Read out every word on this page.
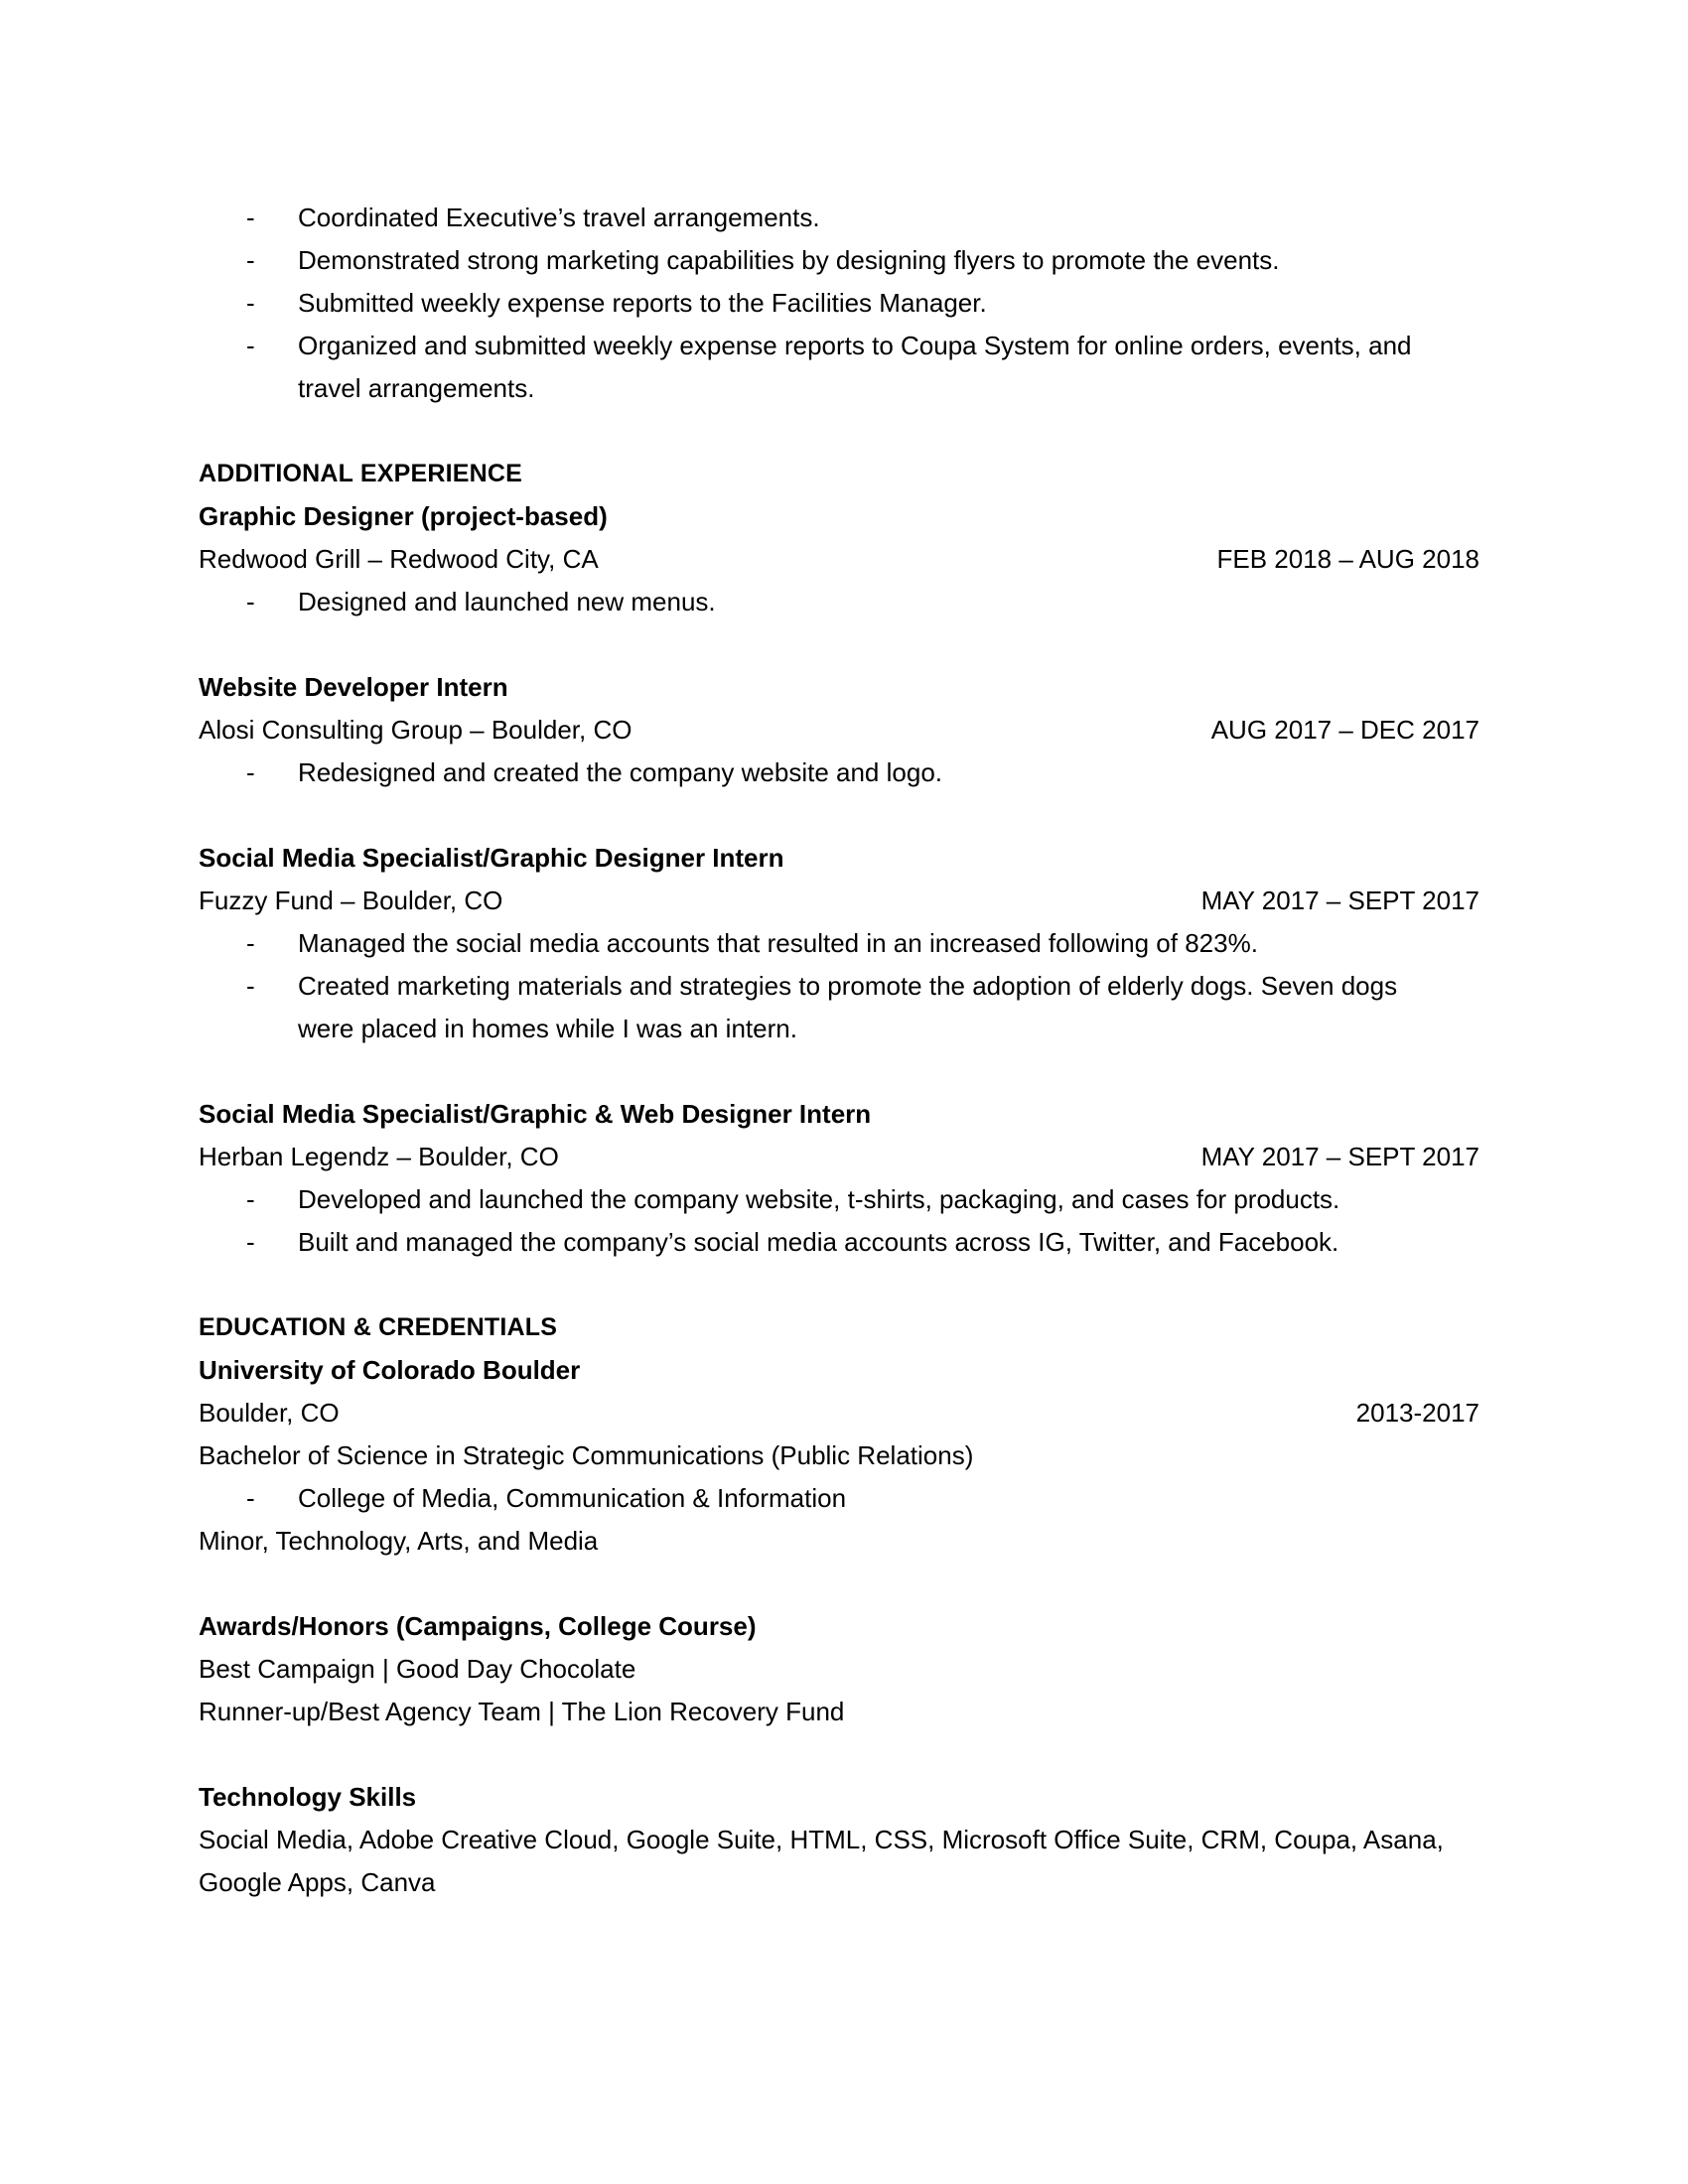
- Coordinated Executive’s travel arrangements.
- Demonstrated strong marketing capabilities by designing flyers to promote the events.
- Submitted weekly expense reports to the Facilities Manager.
- Organized and submitted weekly expense reports to Coupa System for online orders, events, and travel arrangements.
ADDITIONAL EXPERIENCE
Graphic Designer (project-based)
Redwood Grill – Redwood City, CA	FEB 2018 – AUG 2018
- Designed and launched new menus.
Website Developer Intern
Alosi Consulting Group – Boulder, CO	AUG 2017 – DEC 2017
- Redesigned and created the company website and logo.
Social Media Specialist/Graphic Designer Intern
Fuzzy Fund – Boulder, CO	MAY 2017 – SEPT 2017
- Managed the social media accounts that resulted in an increased following of 823%.
- Created marketing materials and strategies to promote the adoption of elderly dogs. Seven dogs were placed in homes while I was an intern.
Social Media Specialist/Graphic & Web Designer Intern
Herban Legendz – Boulder, CO	MAY 2017 – SEPT 2017
- Developed and launched the company website, t-shirts, packaging, and cases for products.
- Built and managed the company’s social media accounts across IG, Twitter, and Facebook.
EDUCATION & CREDENTIALS
University of Colorado Boulder
Boulder, CO	2013-2017
Bachelor of Science in Strategic Communications (Public Relations)
- College of Media, Communication & Information
Minor, Technology, Arts, and Media
Awards/Honors (Campaigns, College Course)
Best Campaign | Good Day Chocolate
Runner-up/Best Agency Team | The Lion Recovery Fund
Technology Skills
Social Media, Adobe Creative Cloud, Google Suite, HTML, CSS, Microsoft Office Suite, CRM, Coupa, Asana, Google Apps, Canva
